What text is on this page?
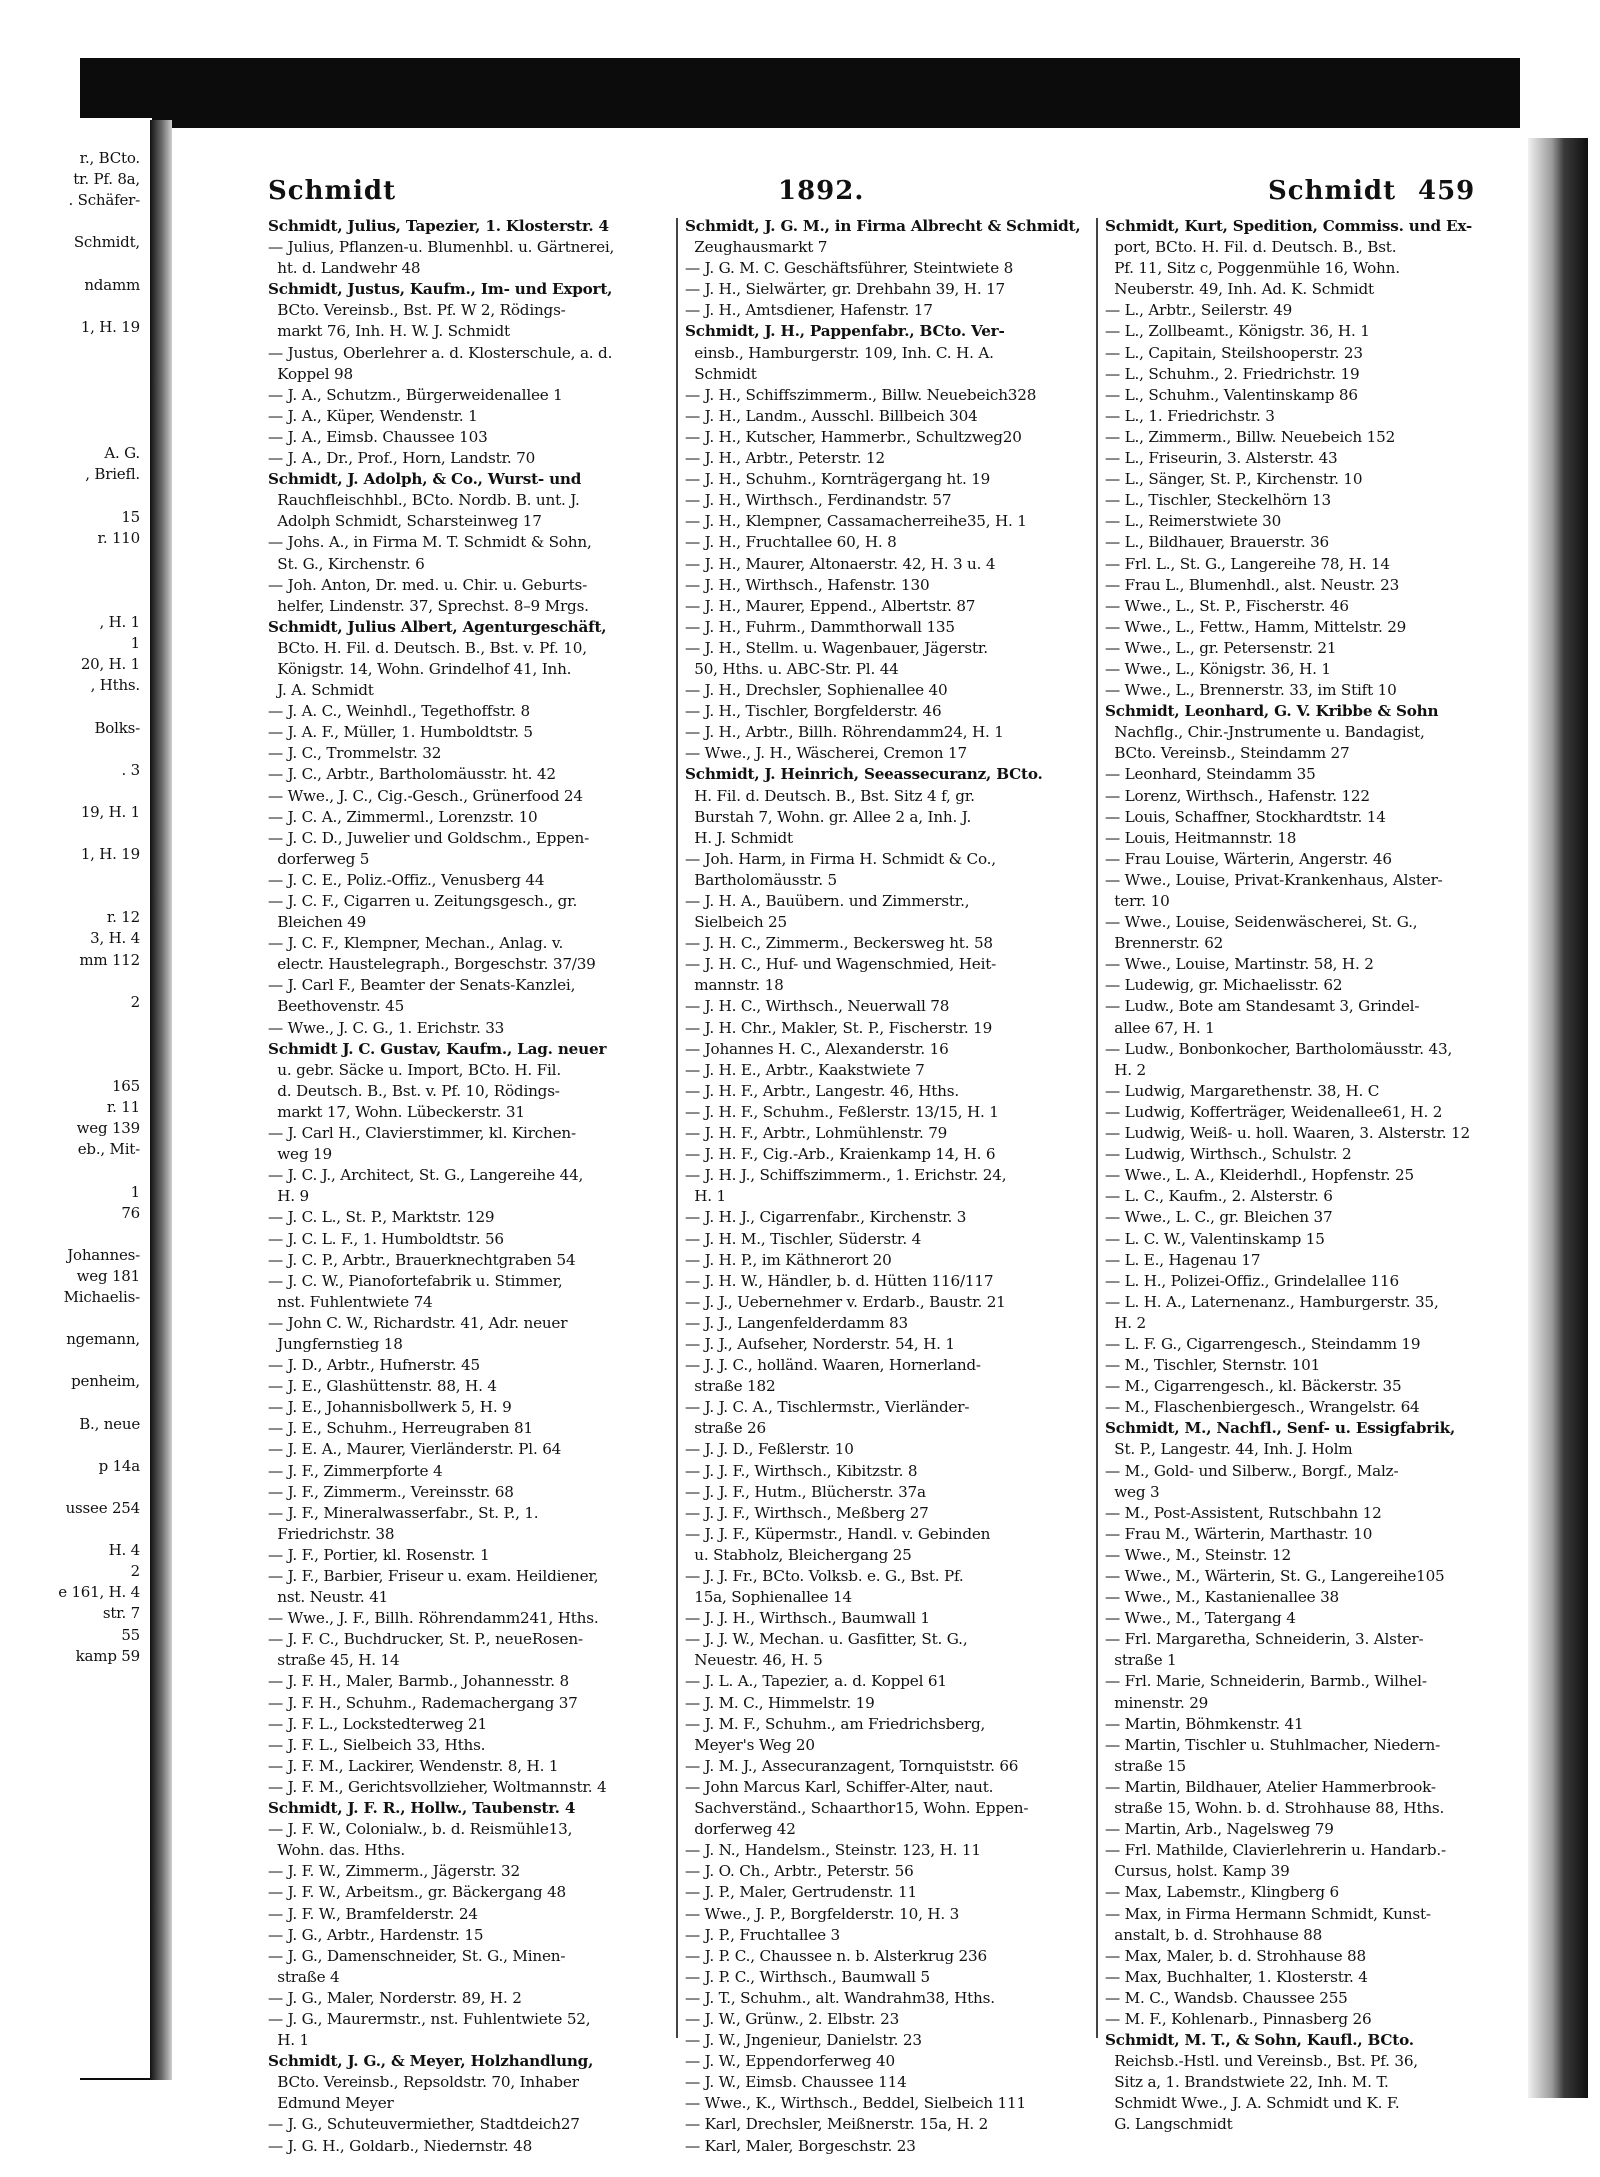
r., BCto.
tr. Pf. 8a,
. Schäfer-

Schmidt,

ndamm

1, H. 19

A. G.
, Briefl.

15
r. 110

, H. 1
1
20, H. 1
, Hths.

Bolks-

. 3

19, H. 1

1, H. 19

r. 12
3, H. 4
mm 112

2

165
r. 11
weg 139
eb., Mit-

1
76

Johannes-
weg 181
Michaelis-

ngemann,

penheim,

B., neue

p 14a

ussee 254

H. 4
2
e 161, H. 4
str. 7
55
kamp 59
Schmidt	1892.	Schmidt 459
Schmidt, Julius, Tapezier, 1. Klosterstr. 4
— Julius, Pflanzen-u. Blumenhbl. u. Gärtnerei,
ht. d. Landwehr 48
Schmidt, Justus, Kaufm., Im- und Export,
BCto. Vereinsb., Bst. Pf. W 2, Rödings-
markt 76, Inh. H. W. J. Schmidt
— Justus, Oberlehrer a. d. Klosterschule, a. d.
Koppel 98
— J. A., Schutzm., Bürgerweidenallee 1
— J. A., Küper, Wendenstr. 1
— J. A., Eimsb. Chaussee 103
— J. A., Dr., Prof., Horn, Landstr. 70
Schmidt, J. Adolph, & Co., Wurst- und
Rauchfleischhbl., BCto. Nordb. B. unt. J.
Adolph Schmidt, Scharsteinweg 17
— Johs. A., in Firma M. T. Schmidt & Sohn,
St. G., Kirchenstr. 6
— Joh. Anton, Dr. med. u. Chir. u. Geburts-
helfer, Lindenstr. 37, Sprechst. 8–9 Mrgs.
Schmidt, Julius Albert, Agenturgeschäft,
BCto. H. Fil. d. Deutsch. B., Bst. v. Pf. 10,
Königstr. 14, Wohn. Grindelhof 41, Inh.
J. A. Schmidt
— J. A. C., Weinhdl., Tegethoffstr. 8
— J. A. F., Müller, 1. Humboldtstr. 5
— J. C., Trommelstr. 32
— J. C., Arbtr., Bartholomäusstr. ht. 42
— Wwe., J. C., Cig.-Gesch., Grünerfood 24
— J. C. A., Zimmerml., Lorenzstr. 10
— J. C. D., Juwelier und Goldschm., Eppen-
dorferweg 5
— J. C. E., Poliz.-Offiz., Venusberg 44
— J. C. F., Cigarren u. Zeitungsgesch., gr.
Bleichen 49
— J. C. F., Klempner, Mechan., Anlag. v.
electr. Haustelegraph., Borgeschstr. 37/39
— J. Carl F., Beamter der Senats-Kanzlei,
Beethovenstr. 45
— Wwe., J. C. G., 1. Erichstr. 33
Schmidt J. C. Gustav, Kaufm., Lag. neuer
u. gebr. Säcke u. Import, BCto. H. Fil.
d. Deutsch. B., Bst. v. Pf. 10, Rödings-
markt 17, Wohn. Lübeckerstr. 31
— J. Carl H., Clavierstimmer, kl. Kirchen-
weg 19
— J. C. J., Architect, St. G., Langereihe 44,
H. 9
— J. C. L., St. P., Marktstr. 129
— J. C. L. F., 1. Humboldtstr. 56
— J. C. P., Arbtr., Brauerknechtgraben 54
— J. C. W., Pianofortefabrik u. Stimmer,
nst. Fuhlentwiete 74
— John C. W., Richardstr. 41, Adr. neuer
Jungfernstieg 18
— J. D., Arbtr., Hufnerstr. 45
— J. E., Glashüttenstr. 88, H. 4
— J. E., Johannisbollwerk 5, H. 9
— J. E., Schuhm., Herreugraben 81
— J. E. A., Maurer, Vierländerstr. Pl. 64
— J. F., Zimmerpforte 4
— J. F., Zimmerm., Vereinsstr. 68
— J. F., Mineralwasserfabr., St. P., 1.
Friedrichstr. 38
— J. F., Portier, kl. Rosenstr. 1
— J. F., Barbier, Friseur u. exam. Heildiener,
nst. Neustr. 41
— Wwe., J. F., Billh. Röhrendamm241, Hths.
— J. F. C., Buchdrucker, St. P., neueRosen-
straße 45, H. 14
— J. F. H., Maler, Barmb., Johannesstr. 8
— J. F. H., Schuhm., Rademachergang 37
— J. F. L., Lockstedterweg 21
— J. F. L., Sielbeich 33, Hths.
— J. F. M., Lackirer, Wendenstr. 8, H. 1
— J. F. M., Gerichtsvollzieher, Woltmannstr. 4
Schmidt, J. F. R., Hollw., Taubenstr. 4
— J. F. W., Colonialw., b. d. Reismühle13,
Wohn. das. Hths.
— J. F. W., Zimmerm., Jägerstr. 32
— J. F. W., Arbeitsm., gr. Bäckergang 48
— J. F. W., Bramfelderstr. 24
— J. G., Arbtr., Hardenstr. 15
— J. G., Damenschneider, St. G., Minen-
straße 4
— J. G., Maler, Norderstr. 89, H. 2
— J. G., Maurermstr., nst. Fuhlentwiete 52,
H. 1
Schmidt, J. G., & Meyer, Holzhandlung,
BCto. Vereinsb., Repsoldstr. 70, Inhaber
Edmund Meyer
— J. G., Schuteuvermiether, Stadtdeich27
— J. G. H., Goldarb., Niedernstr. 48
Schmidt, J. G. M., in Firma Albrecht & Schmidt,
Zeughausmarkt 7
— J. G. M. C. Geschäftsführer, Steintwiete 8
— J. H., Sielwärter, gr. Drehbahn 39, H. 17
— J. H., Amtsdiener, Hafenstr. 17
Schmidt, J. H., Pappenfabr., BCto. Ver-
einsb., Hamburgerstr. 109, Inh. C. H. A.
Schmidt
— J. H., Schiffszimmerm., Billw. Neuebeich328
— J. H., Landm., Ausschl. Billbeich 304
— J. H., Kutscher, Hammerbr., Schultzweg20
— J. H., Arbtr., Peterstr. 12
— J. H., Schuhm., Kornträgergang ht. 19
— J. H., Wirthsch., Ferdinandstr. 57
— J. H., Klempner, Cassamacherreihe35, H. 1
— J. H., Fruchtallee 60, H. 8
— J. H., Maurer, Altonaerstr. 42, H. 3 u. 4
— J. H., Wirthsch., Hafenstr. 130
— J. H., Maurer, Eppend., Albertstr. 87
— J. H., Fuhrm., Dammthorwall 135
— J. H., Stellm. u. Wagenbauer, Jägerstr.
50, Hths. u. ABC-Str. Pl. 44
— J. H., Drechsler, Sophienallee 40
— J. H., Tischler, Borgfelderstr. 46
— J. H., Arbtr., Billh. Röhrendamm24, H. 1
— Wwe., J. H., Wäscherei, Cremon 17
Schmidt, J. Heinrich, Seeassecuranz, BCto.
H. Fil. d. Deutsch. B., Bst. Sitz 4 f, gr.
Burstah 7, Wohn. gr. Allee 2 a, Inh. J.
H. J. Schmidt
— Joh. Harm, in Firma H. Schmidt & Co.,
Bartholomäusstr. 5
— J. H. A., Bauübern. und Zimmerstr.,
Sielbeich 25
— J. H. C., Zimmerm., Beckersweg ht. 58
— J. H. C., Huf- und Wagenschmied, Heit-
mannstr. 18
— J. H. C., Wirthsch., Neuerwall 78
— J. H. Chr., Makler, St. P., Fischerstr. 19
— Johannes H. C., Alexanderstr. 16
— J. H. E., Arbtr., Kaakstwiete 7
— J. H. F., Arbtr., Langestr. 46, Hths.
— J. H. F., Schuhm., Feßlerstr. 13/15, H. 1
— J. H. F., Arbtr., Lohmühlenstr. 79
— J. H. F., Cig.-Arb., Kraienkamp 14, H. 6
— J. H. J., Schiffszimmerm., 1. Erichstr. 24,
H. 1
— J. H. J., Cigarrenfabr., Kirchenstr. 3
— J. H. M., Tischler, Süderstr. 4
— J. H. P., im Käthnerort 20
— J. H. W., Händler, b. d. Hütten 116/117
— J. J., Uebernehmer v. Erdarb., Baustr. 21
— J. J., Langenfelderdamm 83
— J. J., Aufseher, Norderstr. 54, H. 1
— J. J. C., holländ. Waaren, Hornerland-
straße 182
— J. J. C. A., Tischlermstr., Vierländer-
straße 26
— J. J. D., Feßlerstr. 10
— J. J. F., Wirthsch., Kibitzstr. 8
— J. J. F., Hutm., Blücherstr. 37a
— J. J. F., Wirthsch., Meßberg 27
— J. J. F., Küpermstr., Handl. v. Gebinden
u. Stabholz, Bleichergang 25
— J. J. Fr., BCto. Volksb. e. G., Bst. Pf.
15a, Sophienallee 14
— J. J. H., Wirthsch., Baumwall 1
— J. J. W., Mechan. u. Gasfitter, St. G.,
Neuestr. 46, H. 5
— J. L. A., Tapezier, a. d. Koppel 61
— J. M. C., Himmelstr. 19
— J. M. F., Schuhm., am Friedrichsberg,
Meyer's Weg 20
— J. M. J., Assecuranzagent, Tornquiststr. 66
— John Marcus Karl, Schiffer-Alter, naut.
Sachverständ., Schaarthor15, Wohn. Eppen-
dorferweg 42
— J. N., Handelsm., Steinstr. 123, H. 11
— J. O. Ch., Arbtr., Peterstr. 56
— J. P., Maler, Gertrudenstr. 11
— Wwe., J. P., Borgfelderstr. 10, H. 3
— J. P., Fruchtallee 3
— J. P. C., Chaussee n. b. Alsterkrug 236
— J. P. C., Wirthsch., Baumwall 5
— J. T., Schuhm., alt. Wandrahm38, Hths.
— J. W., Grünw., 2. Elbstr. 23
— J. W., Jngenieur, Danielstr. 23
— J. W., Eppendorferweg 40
— J. W., Eimsb. Chaussee 114
— Wwe., K., Wirthsch., Beddel, Sielbeich 111
— Karl, Drechsler, Meißnerstr. 15a, H. 2
— Karl, Maler, Borgeschstr. 23
Schmidt, Kurt, Spedition, Commiss. und Ex-
port, BCto. H. Fil. d. Deutsch. B., Bst.
Pf. 11, Sitz c, Poggenmühle 16, Wohn.
Neuberstr. 49, Inh. Ad. K. Schmidt
— L., Arbtr., Seilerstr. 49
— L., Zollbeamt., Königstr. 36, H. 1
— L., Capitain, Steilshooperstr. 23
— L., Schuhm., 2. Friedrichstr. 19
— L., Schuhm., Valentinskamp 86
— L., 1. Friedrichstr. 3
— L., Zimmerm., Billw. Neuebeich 152
— L., Friseurin, 3. Alsterstr. 43
— L., Sänger, St. P., Kirchenstr. 10
— L., Tischler, Steckelhörn 13
— L., Reimerstwiete 30
— L., Bildhauer, Brauerstr. 36
— Frl. L., St. G., Langereihe 78, H. 14
— Frau L., Blumenhdl., alst. Neustr. 23
— Wwe., L., St. P., Fischerstr. 46
— Wwe., L., Fettw., Hamm, Mittelstr. 29
— Wwe., L., gr. Petersenstr. 21
— Wwe., L., Königstr. 36, H. 1
— Wwe., L., Brennerstr. 33, im Stift 10
Schmidt, Leonhard, G. V. Kribbe & Sohn
Nachflg., Chir.-Jnstrumente u. Bandagist,
BCto. Vereinsb., Steindamm 27
— Leonhard, Steindamm 35
— Lorenz, Wirthsch., Hafenstr. 122
— Louis, Schaffner, Stockhardtstr. 14
— Louis, Heitmannstr. 18
— Frau Louise, Wärterin, Angerstr. 46
— Wwe., Louise, Privat-Krankenhaus, Alster-
terr. 10
— Wwe., Louise, Seidenwäscherei, St. G.,
Brennerstr. 62
— Wwe., Louise, Martinstr. 58, H. 2
— Ludewig, gr. Michaelisstr. 62
— Ludw., Bote am Standesamt 3, Grindel-
allee 67, H. 1
— Ludw., Bonbonkocher, Bartholomäusstr. 43,
H. 2
— Ludwig, Margarethenstr. 38, H. C
— Ludwig, Kofferträger, Weidenallee61, H. 2
— Ludwig, Weiß- u. holl. Waaren, 3. Alsterstr. 12
— Ludwig, Wirthsch., Schulstr. 2
— Wwe., L. A., Kleiderhdl., Hopfenstr. 25
— L. C., Kaufm., 2. Alsterstr. 6
— Wwe., L. C., gr. Bleichen 37
— L. C. W., Valentinskamp 15
— L. E., Hagenau 17
— L. H., Polizei-Offiz., Grindelallee 116
— L. H. A., Laternenanz., Hamburgerstr. 35,
H. 2
— L. F. G., Cigarrengesch., Steindamm 19
— M., Tischler, Sternstr. 101
— M., Cigarrengesch., kl. Bäckerstr. 35
— M., Flaschenbiergesch., Wrangelstr. 64
Schmidt, M., Nachfl., Senf- u. Essigfabrik,
St. P., Langestr. 44, Inh. J. Holm
— M., Gold- und Silberw., Borgf., Malz-
weg 3
— M., Post-Assistent, Rutschbahn 12
— Frau M., Wärterin, Marthastr. 10
— Wwe., M., Steinstr. 12
— Wwe., M., Wärterin, St. G., Langereihe105
— Wwe., M., Kastanienallee 38
— Wwe., M., Tatergang 4
— Frl. Margaretha, Schneiderin, 3. Alster-
straße 1
— Frl. Marie, Schneiderin, Barmb., Wilhel-
minenstr. 29
— Martin, Böhmkenstr. 41
— Martin, Tischler u. Stuhlmacher, Niedern-
straße 15
— Martin, Bildhauer, Atelier Hammerbrook-
straße 15, Wohn. b. d. Strohhause 88, Hths.
— Martin, Arb., Nagelsweg 79
— Frl. Mathilde, Clavierlehrerin u. Handarb.-
Cursus, holst. Kamp 39
— Max, Labemstr., Klingberg 6
— Max, in Firma Hermann Schmidt, Kunst-
anstalt, b. d. Strohhause 88
— Max, Maler, b. d. Strohhause 88
— Max, Buchhalter, 1. Klosterstr. 4
— M. C., Wandsb. Chaussee 255
— M. F., Kohlenarb., Pinnasberg 26
Schmidt, M. T., & Sohn, Kaufl., BCto.
Reichsb.-Hstl. und Vereinsb., Bst. Pf. 36,
Sitz a, 1. Brandstwiete 22, Inh. M. T.
Schmidt Wwe., J. A. Schmidt und K. F.
G. Langschmidt
